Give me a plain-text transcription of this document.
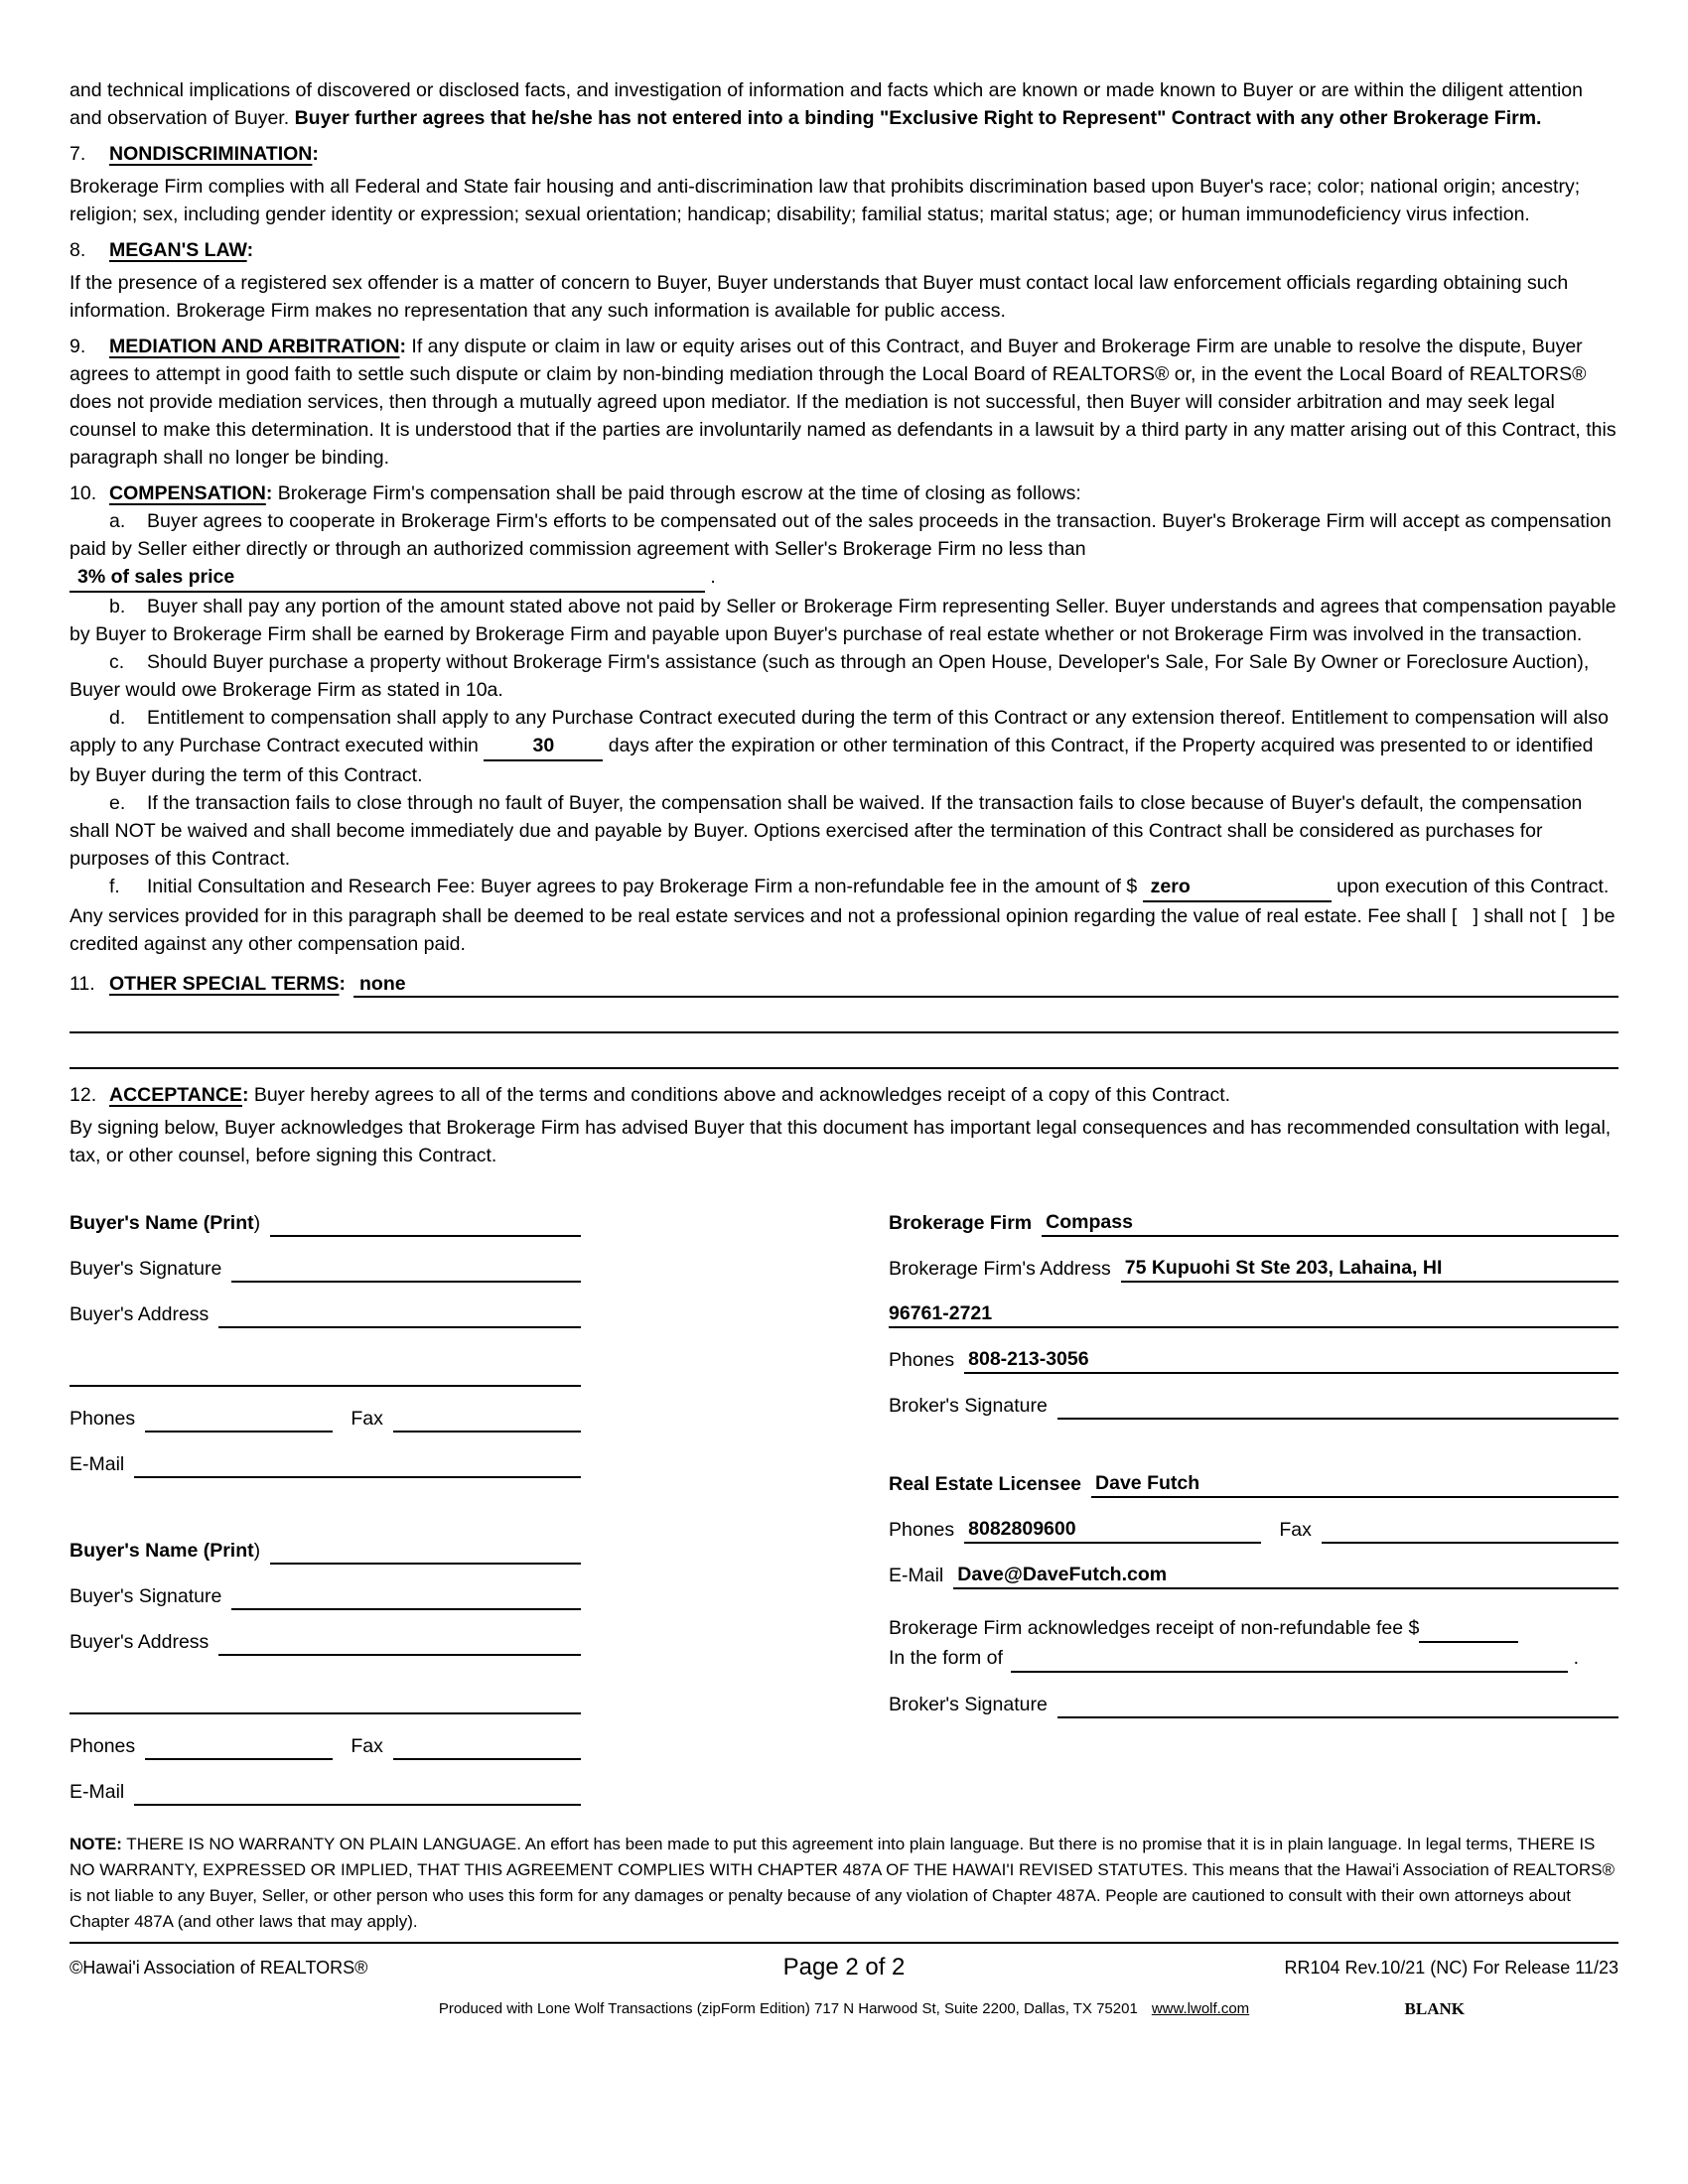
and technical implications of discovered or disclosed facts, and investigation of information and facts which are known or made known to Buyer or are within the diligent attention and observation of Buyer. Buyer further agrees that he/she has not entered into a binding "Exclusive Right to Represent" Contract with any other Brokerage Firm.

7. NONDISCRIMINATION:

Brokerage Firm complies with all Federal and State fair housing and anti-discrimination law that prohibits discrimination based upon Buyer's race; color; national origin; ancestry; religion; sex, including gender identity or expression; sexual orientation; handicap; disability; familial status; marital status; age; or human immunodeficiency virus infection.

8. MEGAN'S LAW:

If the presence of a registered sex offender is a matter of concern to Buyer, Buyer understands that Buyer must contact local law enforcement officials regarding obtaining such information. Brokerage Firm makes no representation that any such information is available for public access.

9. MEDIATION AND ARBITRATION: If any dispute or claim in law or equity arises out of this Contract, and Buyer and Brokerage Firm are unable to resolve the dispute, Buyer agrees to attempt in good faith to settle such dispute or claim by non-binding mediation through the Local Board of REALTORS® or, in the event the Local Board of REALTORS® does not provide mediation services, then through a mutually agreed upon mediator. If the mediation is not successful, then Buyer will consider arbitration and may seek legal counsel to make this determination. It is understood that if the parties are involuntarily named as defendants in a lawsuit by a third party in any matter arising out of this Contract, this paragraph shall no longer be binding.

10. COMPENSATION: Brokerage Firm's compensation shall be paid through escrow at the time of closing as follows:

a. Buyer agrees to cooperate in Brokerage Firm's efforts to be compensated out of the sales proceeds in the transaction. Buyer's Brokerage Firm will accept as compensation paid by Seller either directly or through an authorized commission agreement with Seller's Brokerage Firm no less than 3% of sales price	.

b. Buyer shall pay any portion of the amount stated above not paid by Seller or Brokerage Firm representing Seller. Buyer understands and agrees that compensation payable by Buyer to Brokerage Firm shall be earned by Brokerage Firm and payable upon Buyer's purchase of real estate whether or not Brokerage Firm was involved in the transaction.

c. Should Buyer purchase a property without Brokerage Firm's assistance (such as through an Open House, Developer's Sale, For Sale By Owner or Foreclosure Auction), Buyer would owe Brokerage Firm as stated in 10a.

d. Entitlement to compensation shall apply to any Purchase Contract executed during the term of this Contract or any extension thereof. Entitlement to compensation will also apply to any Purchase Contract executed within	30	days after the expiration or other termination of this Contract, if the Property acquired was presented to or identified by Buyer during the term of this Contract.

e. If the transaction fails to close through no fault of Buyer, the compensation shall be waived. If the transaction fails to close because of Buyer's default, the compensation shall NOT be waived and shall become immediately due and payable by Buyer. Options exercised after the termination of this Contract shall be considered as purchases for purposes of this Contract.

f. Initial Consultation and Research Fee: Buyer agrees to pay Brokerage Firm a non-refundable fee in the amount of $ zero	upon execution of this Contract. Any services provided for in this paragraph shall be deemed to be real estate services and not a professional opinion regarding the value of real estate. Fee shall [   ] shall not [   ] be credited against any other compensation paid.

11. OTHER SPECIAL TERMS : none

12. ACCEPTANCE: Buyer hereby agrees to all of the terms and conditions above and acknowledges receipt of a copy of this Contract.

By signing below, Buyer acknowledges that Brokerage Firm has advised Buyer that this document has important legal consequences and has recommended consultation with legal, tax, or other counsel, before signing this Contract.

Buyer's Name (Print )
Buyer's Signature
Buyer's Address
Phones	Fax
E-Mail
Buyer's Name (Print )
Buyer's Signature
Buyer's Address
Phones	Fax
E-Mail
Brokerage Firm Compass
Brokerage Firm's Address 75 Kupuohi St Ste 203, Lahaina, HI
96761-2721
Phones 808-213-3056
Broker's Signature
Real Estate Licensee Dave Futch
Phones 8082809600	Fax
E-Mail Dave@DaveFutch.com
Brokerage Firm acknowledges receipt of non-refundable fee $
In the form of	.
Broker's Signature

NOTE: THERE IS NO WARRANTY ON PLAIN LANGUAGE. An effort has been made to put this agreement into plain language. But there is no promise that it is in plain language. In legal terms, THERE IS NO WARRANTY, EXPRESSED OR IMPLIED, THAT THIS AGREEMENT COMPLIES WITH CHAPTER 487A OF THE HAWAI'I REVISED STATUTES. This means that the Hawai'i Association of REALTORS® is not liable to any Buyer, Seller, or other person who uses this form for any damages or penalty because of any violation of Chapter 487A. People are cautioned to consult with their own attorneys about Chapter 487A (and other laws that may apply).

©Hawai'i Association of REALTORS®	Page 2 of 2	RR104 Rev.10/21 (NC) For Release 11/23
Produced with Lone Wolf Transactions (zipForm Edition) 717 N Harwood St, Suite 2200, Dallas, TX 75201 www.lwolf.com	BLANK
